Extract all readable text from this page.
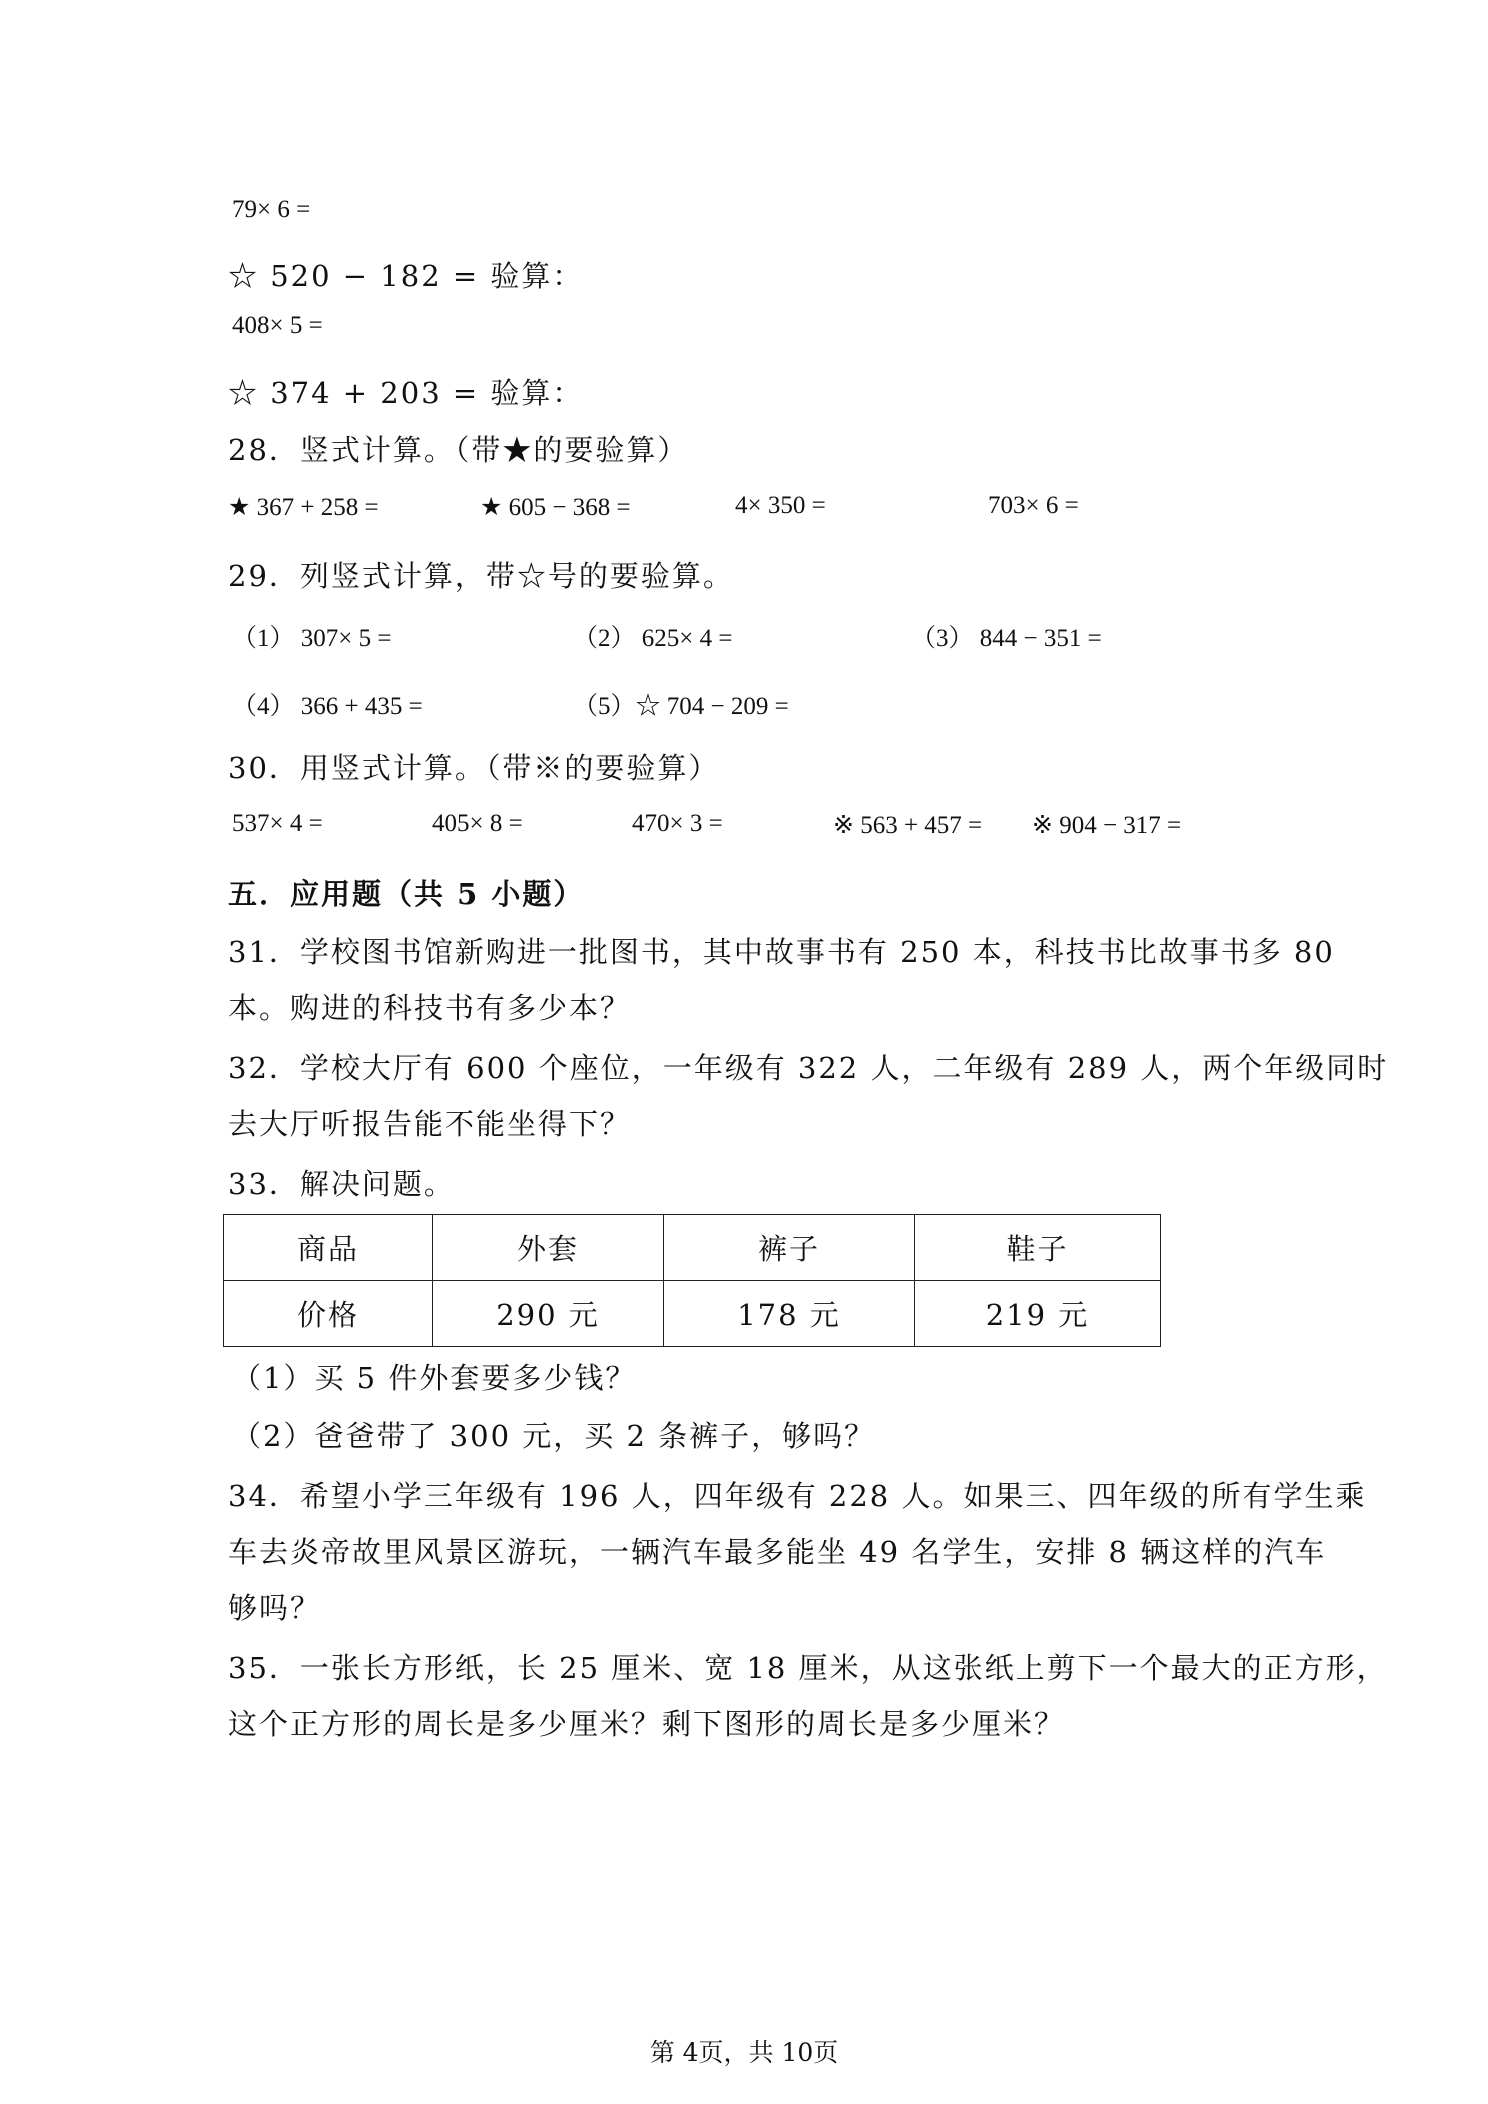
79× 6 =
☆ 520 − 182 = 验算：
408× 5 =
☆ 374 + 203 = 验算：
28．竖式计算。（带★的要验算）
★ 367 + 258 =	★ 605 − 368 =	4× 350 =	703× 6 =
29．列竖式计算，带☆号的要验算。
（1） 307× 5 =	（2） 625× 4 =	（3） 844 − 351 =
（4） 366 + 435 =	（5）☆ 704 − 209 =
30．用竖式计算。（带※的要验算）
537× 4 =	405× 8 =	470× 3 =	※ 563 + 457 = ※ 904 − 317 =
五．应用题（共 5 小题）
31．学校图书馆新购进一批图书，其中故事书有 250 本，科技书比故事书多 80
本。购进的科技书有多少本？
32．学校大厅有 600 个座位，一年级有 322 人，二年级有 289 人，两个年级同时
去大厅听报告能不能坐得下？
33．解决问题。
商品	外套	裤子	鞋子
价格	290 元	178 元	219 元
（1）买 5 件外套要多少钱？
（2）爸爸带了 300 元，买 2 条裤子，够吗？
34．希望小学三年级有 196 人，四年级有 228 人。如果三、四年级的所有学生乘
车去炎帝故里风景区游玩，一辆汽车最多能坐 49 名学生，安排 8 辆这样的汽车
够吗？
35．一张长方形纸，长 25 厘米、宽 18 厘米，从这张纸上剪下一个最大的正方形，
这个正方形的周长是多少厘米？剩下图形的周长是多少厘米？
第 4页，共 10页
